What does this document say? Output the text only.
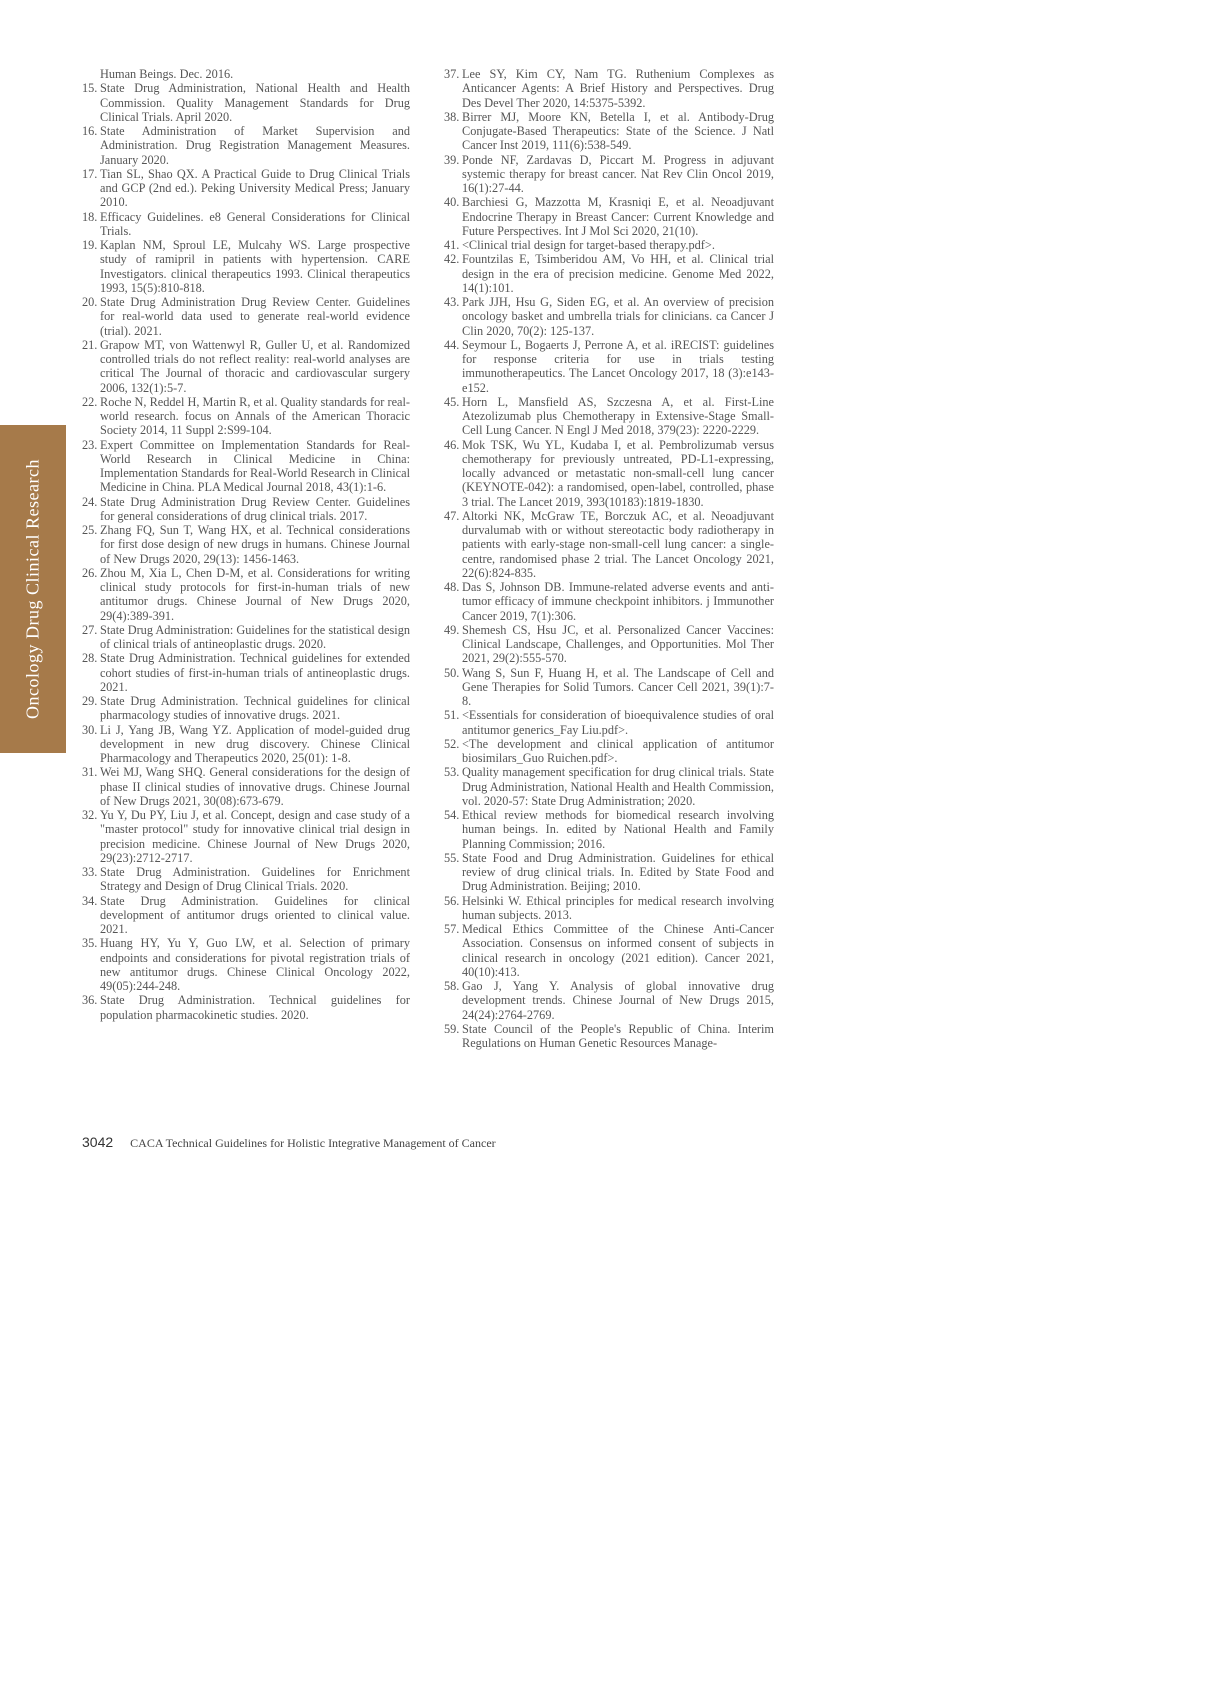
Oncology Drug Clinical Research
Human Beings. Dec. 2016.
15. State Drug Administration, National Health and Health Commission. Quality Management Standards for Drug Clinical Trials. April 2020.
16. State Administration of Market Supervision and Administration. Drug Registration Management Measures. January 2020.
17. Tian SL, Shao QX. A Practical Guide to Drug Clinical Trials and GCP (2nd ed.). Peking University Medical Press; January 2010.
18. Efficacy Guidelines. e8 General Considerations for Clinical Trials.
19. Kaplan NM, Sproul LE, Mulcahy WS. Large prospective study of ramipril in patients with hypertension. CARE Investigators. clinical therapeutics 1993. Clinical therapeutics 1993, 15(5):810-818.
20. State Drug Administration Drug Review Center. Guidelines for real-world data used to generate real-world evidence (trial). 2021.
21. Grapow MT, von Wattenwyl R, Guller U, et al. Randomized controlled trials do not reflect reality: real-world analyses are critical The Journal of thoracic and cardiovascular surgery 2006, 132(1):5-7.
22. Roche N, Reddel H, Martin R, et al. Quality standards for real-world research. focus on Annals of the American Thoracic Society 2014, 11 Suppl 2:S99-104.
23. Expert Committee on Implementation Standards for Real-World Research in Clinical Medicine in China: Implementation Standards for Real-World Research in Clinical Medicine in China. PLA Medical Journal 2018, 43(1):1-6.
24. State Drug Administration Drug Review Center. Guidelines for general considerations of drug clinical trials. 2017.
25. Zhang FQ, Sun T, Wang HX, et al. Technical considerations for first dose design of new drugs in humans. Chinese Journal of New Drugs 2020, 29(13): 1456-1463.
26. Zhou M, Xia L, Chen D-M, et al. Considerations for writing clinical study protocols for first-in-human trials of new antitumor drugs. Chinese Journal of New Drugs 2020, 29(4):389-391.
27. State Drug Administration: Guidelines for the statistical design of clinical trials of antineoplastic drugs. 2020.
28. State Drug Administration. Technical guidelines for extended cohort studies of first-in-human trials of antineoplastic drugs. 2021.
29. State Drug Administration. Technical guidelines for clinical pharmacology studies of innovative drugs. 2021.
30. Li J, Yang JB, Wang YZ. Application of model-guided drug development in new drug discovery. Chinese Clinical Pharmacology and Therapeutics 2020, 25(01): 1-8.
31. Wei MJ, Wang SHQ. General considerations for the design of phase II clinical studies of innovative drugs. Chinese Journal of New Drugs 2021, 30(08):673-679.
32. Yu Y, Du PY, Liu J, et al. Concept, design and case study of a "master protocol" study for innovative clinical trial design in precision medicine. Chinese Journal of New Drugs 2020, 29(23):2712-2717.
33. State Drug Administration. Guidelines for Enrichment Strategy and Design of Drug Clinical Trials. 2020.
34. State Drug Administration. Guidelines for clinical development of antitumor drugs oriented to clinical value. 2021.
35. Huang HY, Yu Y, Guo LW, et al. Selection of primary endpoints and considerations for pivotal registration trials of new antitumor drugs. Chinese Clinical Oncology 2022, 49(05):244-248.
36. State Drug Administration. Technical guidelines for population pharmacokinetic studies. 2020.
37. Lee SY, Kim CY, Nam TG. Ruthenium Complexes as Anticancer Agents: A Brief History and Perspectives. Drug Des Devel Ther 2020, 14:5375-5392.
38. Birrer MJ, Moore KN, Betella I, et al. Antibody-Drug Conjugate-Based Therapeutics: State of the Science. J Natl Cancer Inst 2019, 111(6):538-549.
39. Ponde NF, Zardavas D, Piccart M. Progress in adjuvant systemic therapy for breast cancer. Nat Rev Clin Oncol 2019, 16(1):27-44.
40. Barchiesi G, Mazzotta M, Krasniqi E, et al. Neoadjuvant Endocrine Therapy in Breast Cancer: Current Knowledge and Future Perspectives. Int J Mol Sci 2020, 21(10).
41. <Clinical trial design for target-based therapy.pdf>.
42. Fountzilas E, Tsimberidou AM, Vo HH, et al. Clinical trial design in the era of precision medicine. Genome Med 2022, 14(1):101.
43. Park JJH, Hsu G, Siden EG, et al. An overview of precision oncology basket and umbrella trials for clinicians. ca Cancer J Clin 2020, 70(2): 125-137.
44. Seymour L, Bogaerts J, Perrone A, et al. iRECIST: guidelines for response criteria for use in trials testing immunotherapeutics. The Lancet Oncology 2017, 18 (3):e143-e152.
45. Horn L, Mansfield AS, Szczesna A, et al. First-Line Atezolizumab plus Chemotherapy in Extensive-Stage Small-Cell Lung Cancer. N Engl J Med 2018, 379(23): 2220-2229.
46. Mok TSK, Wu YL, Kudaba I, et al. Pembrolizumab versus chemotherapy for previously untreated, PD-L1-expressing, locally advanced or metastatic non-small-cell lung cancer (KEYNOTE-042): a randomised, open-label, controlled, phase 3 trial. The Lancet 2019, 393(10183):1819-1830.
47. Altorki NK, McGraw TE, Borczuk AC, et al. Neoadjuvant durvalumab with or without stereotactic body radiotherapy in patients with early-stage non-small-cell lung cancer: a single-centre, randomised phase 2 trial. The Lancet Oncology 2021, 22(6):824-835.
48. Das S, Johnson DB. Immune-related adverse events and anti-tumor efficacy of immune checkpoint inhibitors. j Immunother Cancer 2019, 7(1):306.
49. Shemesh CS, Hsu JC, et al. Personalized Cancer Vaccines: Clinical Landscape, Challenges, and Opportunities. Mol Ther 2021, 29(2):555-570.
50. Wang S, Sun F, Huang H, et al. The Landscape of Cell and Gene Therapies for Solid Tumors. Cancer Cell 2021, 39(1):7-8.
51. <Essentials for consideration of bioequivalence studies of oral antitumor generics_Fay Liu.pdf>.
52. <The development and clinical application of antitumor biosimilars_Guo Ruichen.pdf>.
53. Quality management specification for drug clinical trials. State Drug Administration, National Health and Health Commission, vol. 2020-57: State Drug Administration; 2020.
54. Ethical review methods for biomedical research involving human beings. In. edited by National Health and Family Planning Commission; 2016.
55. State Food and Drug Administration. Guidelines for ethical review of drug clinical trials. In. Edited by State Food and Drug Administration. Beijing; 2010.
56. Helsinki W. Ethical principles for medical research involving human subjects. 2013.
57. Medical Ethics Committee of the Chinese Anti-Cancer Association. Consensus on informed consent of subjects in clinical research in oncology (2021 edition). Cancer 2021, 40(10):413.
58. Gao J, Yang Y. Analysis of global innovative drug development trends. Chinese Journal of New Drugs 2015, 24(24):2764-2769.
59. State Council of the People's Republic of China. Interim Regulations on Human Genetic Resources Manage-
3042 CACA Technical Guidelines for Holistic Integrative Management of Cancer
